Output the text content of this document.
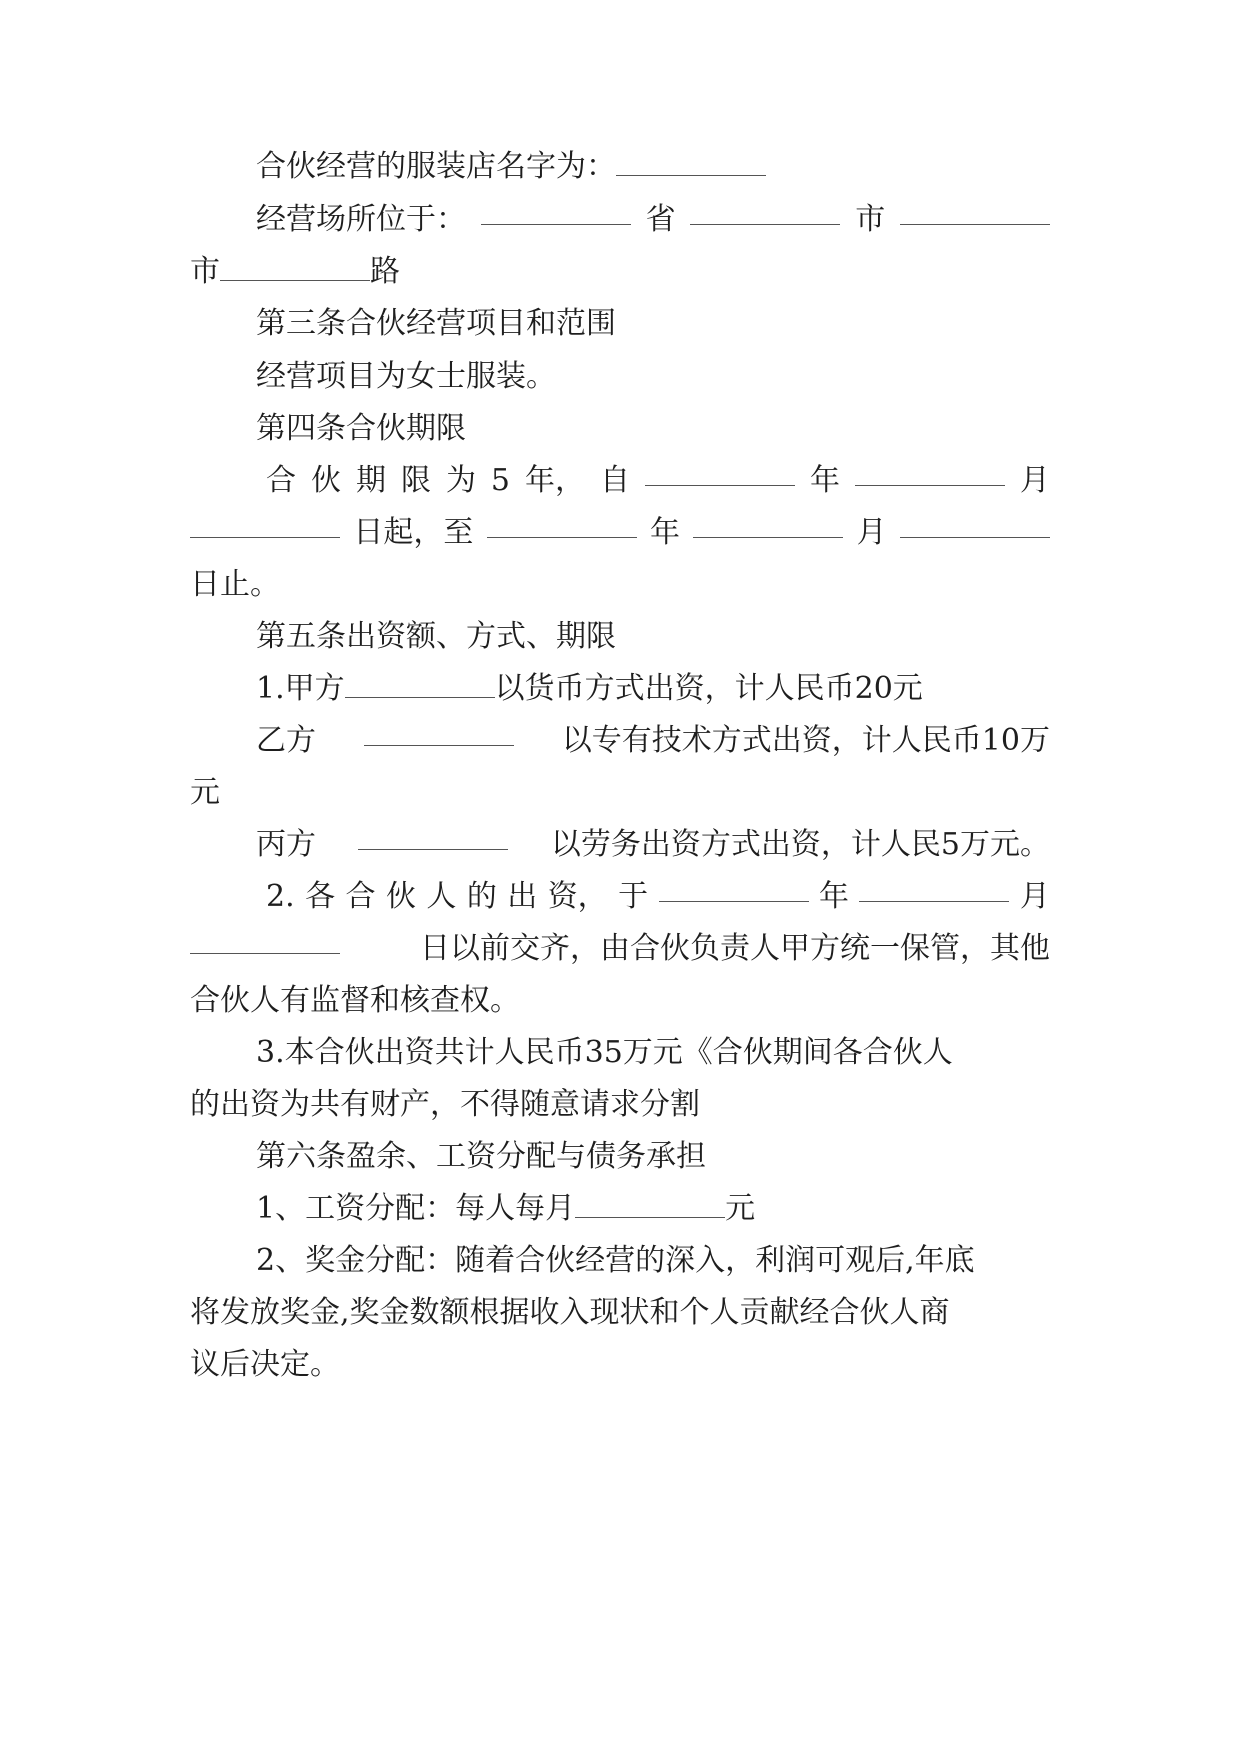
合伙经营的服装店名字为：
经营场所位于：	省	市
市	路
第三条合伙经营项目和范围
经营项目为女士服装。
第四条合伙期限
合 伙 期 限 为 5 年， 自	年	月
日起，至	年	月
日止。
第五条出资额、方式、期限
1.甲方	以货币方式出资，计人民币20元
乙方	以专有技术方式出资，计人民币10万
元
丙方	以劳务出资方式出资，计人民5万元。
2. 各 合 伙 人 的 出 资， 于	年	月
日以前交齐，由合伙负责人甲方统一保管，其他
合伙人有监督和核查权。
3.本合伙出资共计人民币35万元《合伙期间各合伙人
的出资为共有财产，不得随意请求分割
第六条盈余、工资分配与债务承担
1、工资分配：每人每月	元
2、奖金分配：随着合伙经营的深入，利润可观后,年底
将发放奖金,奖金数额根据收入现状和个人贡献经合伙人商
议后决定。
